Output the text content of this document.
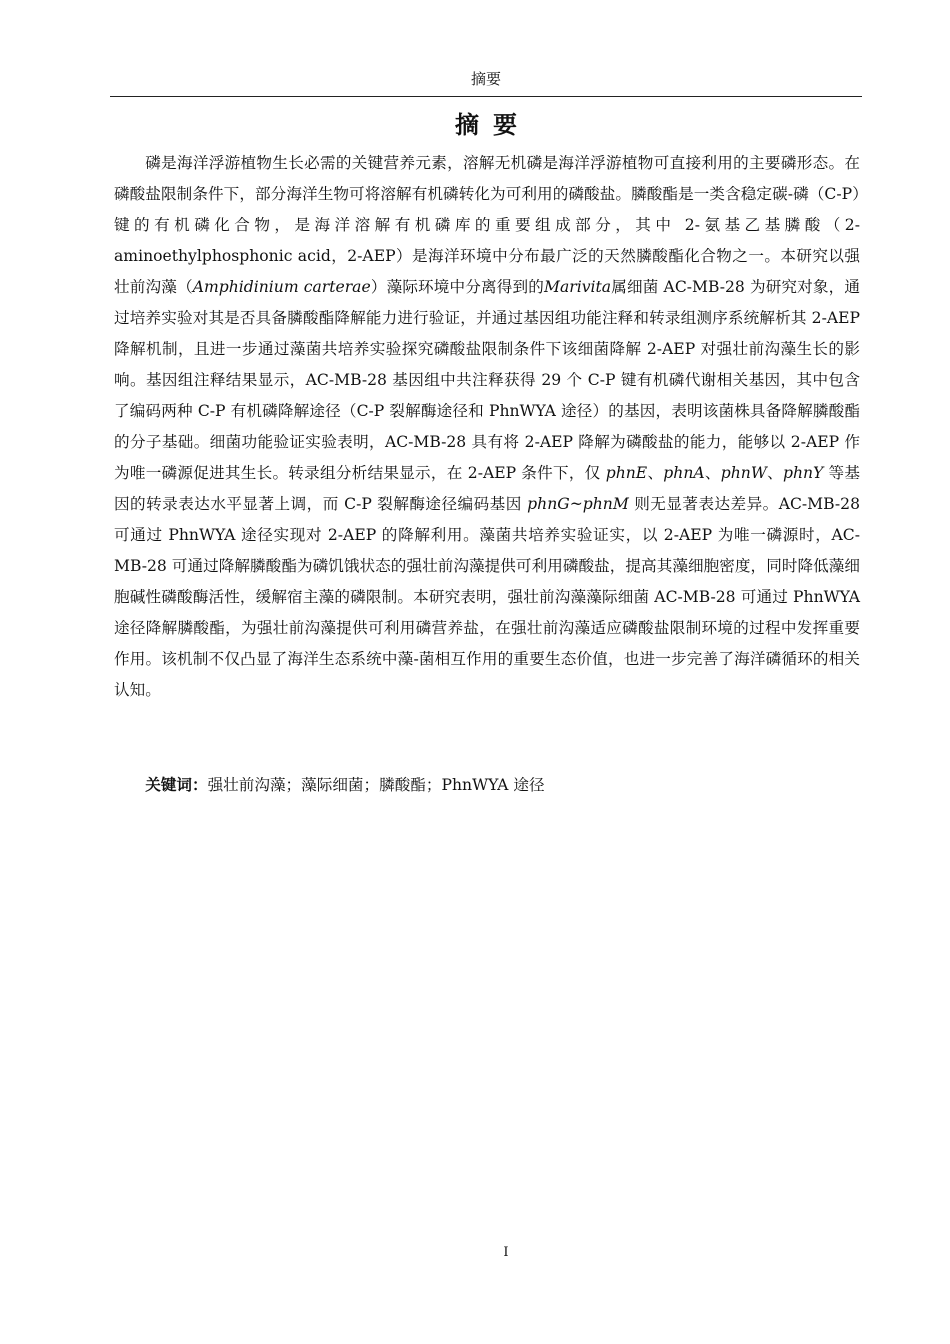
摘要
摘要

磷是海洋浮游植物生长必需的关键营养元素，溶解无机磷是海洋浮游植物可直接利用的主要磷形态。在磷酸盐限制条件下，部分海洋生物可将溶解有机磷转化为可利用的磷酸盐。膦酸酯是一类含稳定碳-磷（C-P）键的有机磷化合物，是海洋溶解有机磷库的重要组成部分，其中 2-氨基乙基膦酸（2-aminoethylphosphonic acid，2-AEP）是海洋环境中分布最广泛的天然膦酸酯化合物之一。本研究以强壮前沟藻（Amphidinium carterae）藻际环境中分离得到的Marivita属细菌 AC-MB-28 为研究对象，通过培养实验对其是否具备膦酸酯降解能力进行验证，并通过基因组功能注释和转录组测序系统解析其 2-AEP 降解机制，且进一步通过藻菌共培养实验探究磷酸盐限制条件下该细菌降解 2-AEP 对强壮前沟藻生长的影响。基因组注释结果显示，AC-MB-28 基因组中共注释获得 29 个 C-P 键有机磷代谢相关基因，其中包含了编码两种 C-P 有机磷降解途径（C-P 裂解酶途径和 PhnWYA 途径）的基因，表明该菌株具备降解膦酸酯的分子基础。细菌功能验证实验表明，AC-MB-28 具有将 2-AEP 降解为磷酸盐的能力，能够以 2-AEP 作为唯一磷源促进其生长。转录组分析结果显示，在 2-AEP 条件下，仅 phnE、phnA、phnW、phnY 等基因的转录表达水平显著上调，而 C-P 裂解酶途径编码基因 phnG~phnM 则无显著表达差异。AC-MB-28 可通过 PhnWYA 途径实现对 2-AEP 的降解利用。藻菌共培养实验证实，以 2-AEP 为唯一磷源时，AC-MB-28 可通过降解膦酸酯为磷饥饿状态的强壮前沟藻提供可利用磷酸盐，提高其藻细胞密度，同时降低藻细胞碱性磷酸酶活性，缓解宿主藻的磷限制。本研究表明，强壮前沟藻藻际细菌 AC-MB-28 可通过 PhnWYA 途径降解膦酸酯，为强壮前沟藻提供可利用磷营养盐，在强壮前沟藻适应磷酸盐限制环境的过程中发挥重要作用。该机制不仅凸显了海洋生态系统中藻-菌相互作用的重要生态价值，也进一步完善了海洋磷循环的相关认知。

关键词：强壮前沟藻；藻际细菌；膦酸酯；PhnWYA 途径

I
